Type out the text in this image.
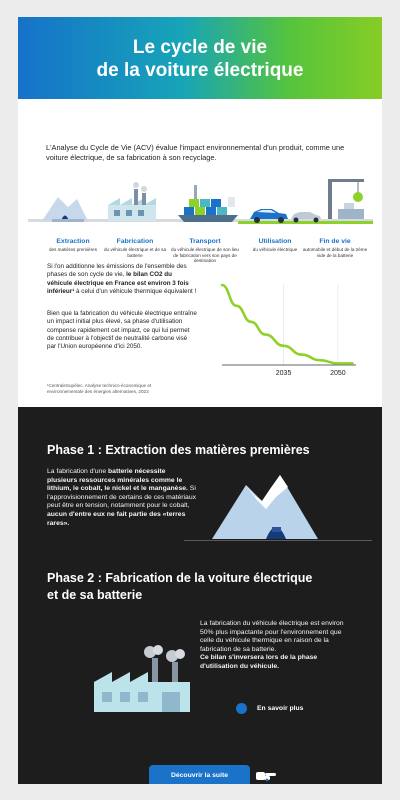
Le cycle de vie
de la voiture électrique

L'Analyse du Cycle de Vie (ACV) évalue l'impact environnemental d'un produit, comme une voiture électrique, de sa fabrication à son recyclage.

Extraction
des matières premières
Fabrication
du véhicule électrique et de sa batterie
Transport
du véhicule électrique de son lieu de fabrication vers son pays de destination
Utilisation
du véhicule électrique
Fin de vie
automobile et début de la 2ème vide de la batterie

Si l'on additionne les émissions de l'ensemble des phases de son cycle de vie, le bilan CO2 du véhicule électrique en France est environ 3 fois inférieur¹ à celui d'un véhicule thermique équivalent !

Bien que la fabrication du véhicule électrique entraîne un impact initial plus élevé, sa phase d'utilisation compense rapidement cet impact, ce qui lui permet de contribuer à l'objectif de neutralité carbone visé par l'Union européenne d'ici 2050.

¹CentraleSupélec. Analyse technico-économique et environnementale des énergies alternatives, 2023

2035	2050
Phase 1 : Extraction des matières premières

La fabrication d'une batterie nécessite plusieurs ressources minérales comme le lithium, le cobalt, le nickel et le manganèse. Si l'approvisionnement de certains de ces matériaux peut être en tension, notamment pour le cobalt, aucun d'entre eux ne fait partie des «terres rares».

Phase 2 : Fabrication de la voiture électrique
et de sa batterie

La fabrication du véhicule électrique est environ 50% plus impactante pour l'environnement que celle du véhicule thermique en raison de la fabrication de sa batterie.
Ce bilan s'inversera lors de la phase d'utilisation du véhicule.

En savoir plus
Découvrir la suite
